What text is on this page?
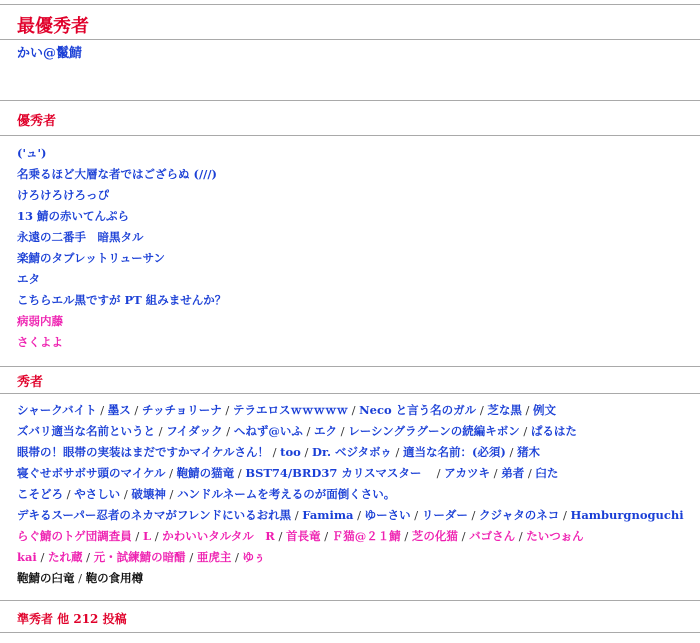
最優秀者
かい@鬣鯖
優秀者
('ュ')
名乗るほど大層な者ではござらぬ (///)
けろけろけろっぴ
13 鯖の赤いてんぷら
永遠の二番手　暗黒タル
楽鯖のタブレットリューサン
エタ
こちらエル黒ですが PT 組みませんか？
病弱内藤
さくよよ
秀者
シャークバイト / 墨ス / チッチョリーナ / テラエロスｗｗｗｗｗ / Neco と言う名のガル / 芝な黒 / 例文
ズバリ適当な名前というと / フイダック / へねず@いふ / エク / レーシングラグーンの続編キボン / ぱるはた
眼帯の！眼帯の実装はまだですかマイケルさん！ / too / Dr. ベジタボゥ / 適当な名前：(必須) / 猪木
寝ぐせボサボサ頭のマイケル / 鞄鯖の猫竜 / BST74/BRD37 カリスマスター　 / アカツキ / 弟者 / 臼た
こそどろ / やさしい / 破壊神 / ハンドルネームを考えるのが面倒くさい。
デキるスーパー忍者のネカマがフレンドにいるおれ黒 / Famima / ゆーさい / リーダー / クジャタのネコ / Hamburgnoguchi
らぐ鯖のトゲ団調査員 / L / かわいいタルタル　R / 首長竜 / Ｆ猫@２１鯖 / 芝の化猫 / バゴさん / たいつぉん
kai / たれ蔵 / 元・試練鯖の暗醋 / 亜虎主 / ゆぅ
鞄鯖の臼竜 / 鞄の食用樽
準秀者 他 212 投稿
